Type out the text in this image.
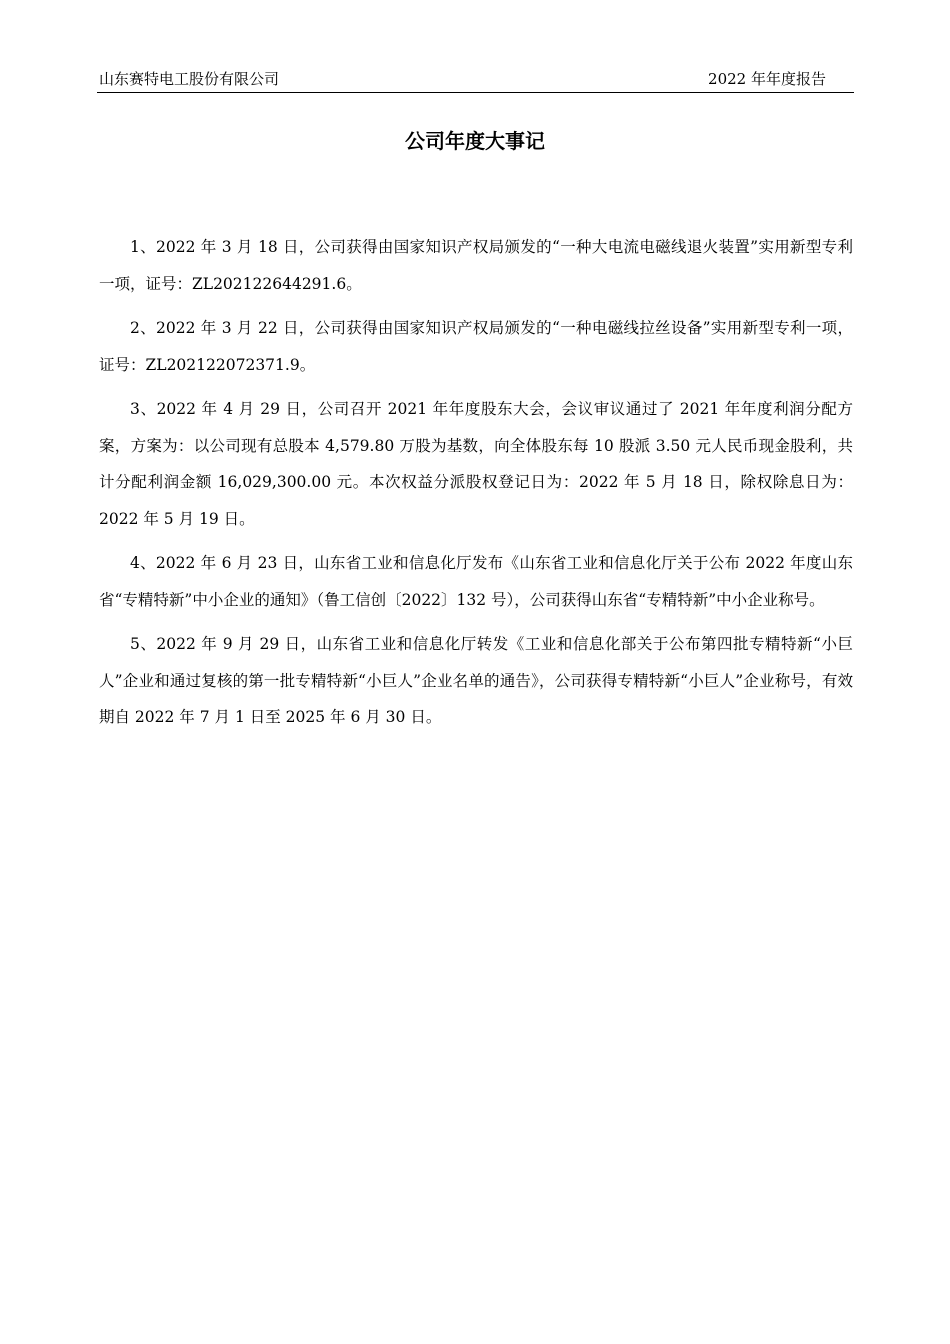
山东赛特电工股份有限公司	2022 年年度报告
公司年度大事记
1、2022 年 3 月 18 日，公司获得由国家知识产权局颁发的“一种大电流电磁线退火装置”实用新型专利一项，证号：ZL202122644291.6。
2、2022 年 3 月 22 日，公司获得由国家知识产权局颁发的“一种电磁线拉丝设备”实用新型专利一项，证号：ZL202122072371.9。
3、2022 年 4 月 29 日，公司召开 2021 年年度股东大会，会议审议通过了 2021 年年度利润分配方案，方案为：以公司现有总股本 4,579.80 万股为基数，向全体股东每 10 股派 3.50 元人民币现金股利，共计分配利润金额 16,029,300.00 元。本次权益分派股权登记日为：2022 年 5 月 18 日，除权除息日为：2022 年 5 月 19 日。
4、2022 年 6 月 23 日，山东省工业和信息化厅发布《山东省工业和信息化厅关于公布 2022 年度山东省“专精特新”中小企业的通知》（鲁工信创〔2022〕132 号），公司获得山东省“专精特新”中小企业称号。
5、2022 年 9 月 29 日，山东省工业和信息化厅转发《工业和信息化部关于公布第四批专精特新“小巨人”企业和通过复核的第一批专精特新“小巨人”企业名单的通告》，公司获得专精特新“小巨人”企业称号，有效期自 2022 年 7 月 1 日至 2025 年 6 月 30 日。
